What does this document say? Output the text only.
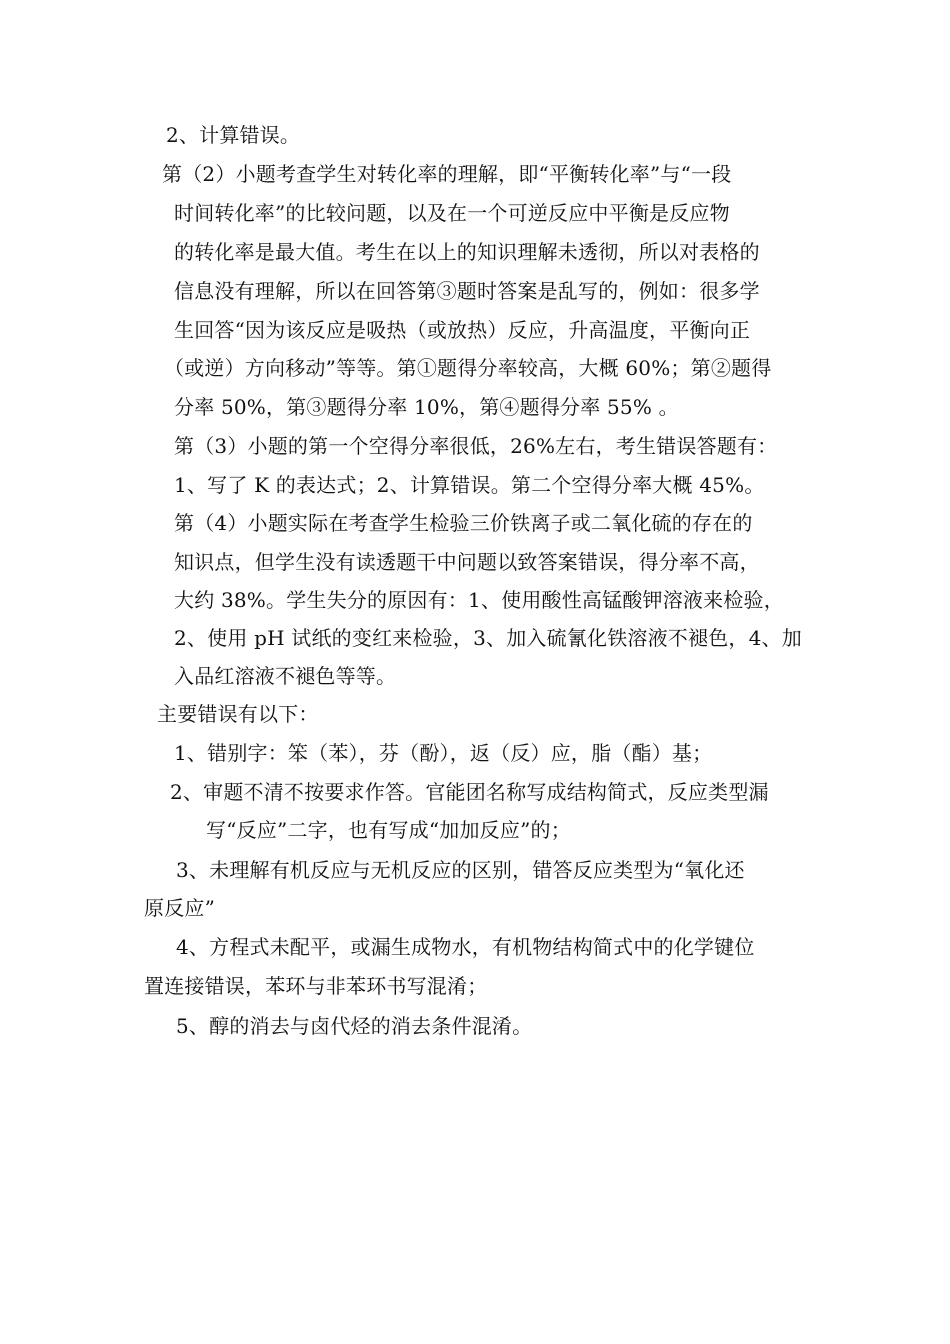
2、计算错误。
第（2）小题考查学生对转化率的理解，即“平衡转化率”与“一段
时间转化率”的比较问题，以及在一个可逆反应中平衡是反应物
的转化率是最大值。考生在以上的知识理解未透彻，所以对表格的
信息没有理解，所以在回答第③题时答案是乱写的，例如：很多学
生回答“因为该反应是吸热（或放热）反应，升高温度，平衡向正
（或逆）方向移动”等等。第①题得分率较高，大概 60%；第②题得
分率 50%，第③题得分率 10%，第④题得分率 55% 。
第（3）小题的第一个空得分率很低，26%左右，考生错误答题有：
1、写了 K 的表达式；2、计算错误。第二个空得分率大概 45%。
第（4）小题实际在考查学生检验三价铁离子或二氧化硫的存在的
知识点，但学生没有读透题干中问题以致答案错误，得分率不高，
大约 38%。学生失分的原因有：1、使用酸性高锰酸钾溶液来检验，
2、使用 pH 试纸的变红来检验，3、加入硫氰化铁溶液不褪色，4、加
入品红溶液不褪色等等。
主要错误有以下：
1、错别字：笨（苯），芬（酚），返（反）应，脂（酯）基；
2、审题不清不按要求作答。官能团名称写成结构简式，反应类型漏
写“反应”二字，也有写成“加加反应”的；
3、未理解有机反应与无机反应的区别，错答反应类型为“氧化还
原反应”
4、方程式未配平，或漏生成物水，有机物结构简式中的化学键位
置连接错误，苯环与非苯环书写混淆；
5、醇的消去与卤代烃的消去条件混淆。
